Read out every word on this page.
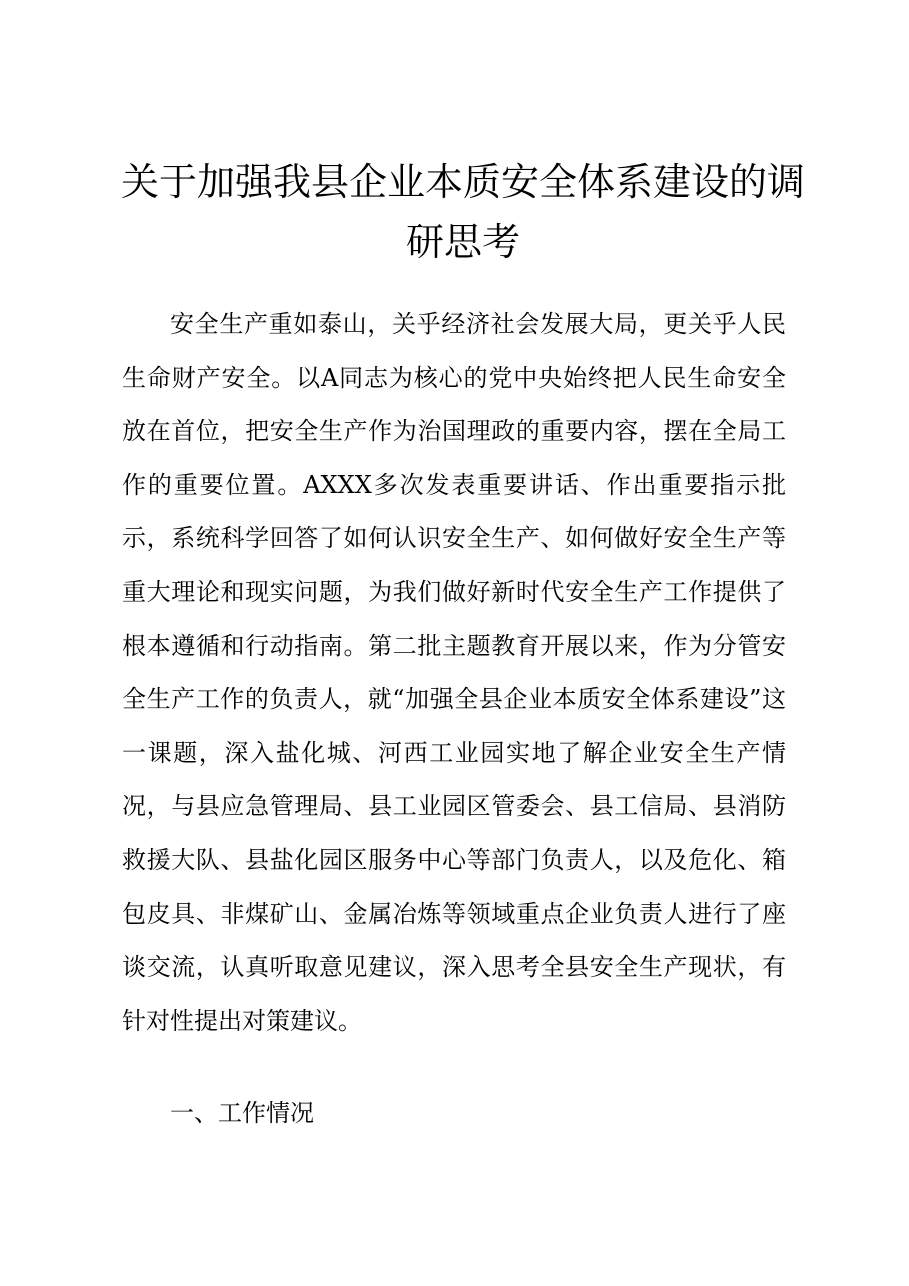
关于加强我县企业本质安全体系建设的调研思考

安全生产重如泰山，关乎经济社会发展大局，更关乎人民生命财产安全。以A同志为核心的党中央始终把人民生命安全放在首位，把安全生产作为治国理政的重要内容，摆在全局工作的重要位置。AXXX多次发表重要讲话、作出重要指示批示，系统科学回答了如何认识安全生产、如何做好安全生产等重大理论和现实问题，为我们做好新时代安全生产工作提供了根本遵循和行动指南。第二批主题教育开展以来，作为分管安全生产工作的负责人，就“加强全县企业本质安全体系建设”这一课题，深入盐化城、河西工业园实地了解企业安全生产情况，与县应急管理局、县工业园区管委会、县工信局、县消防救援大队、县盐化园区服务中心等部门负责人，以及危化、箱包皮具、非煤矿山、金属冶炼等领域重点企业负责人进行了座谈交流，认真听取意见建议，深入思考全县安全生产现状，有针对性提出对策建议。

一、工作情况
